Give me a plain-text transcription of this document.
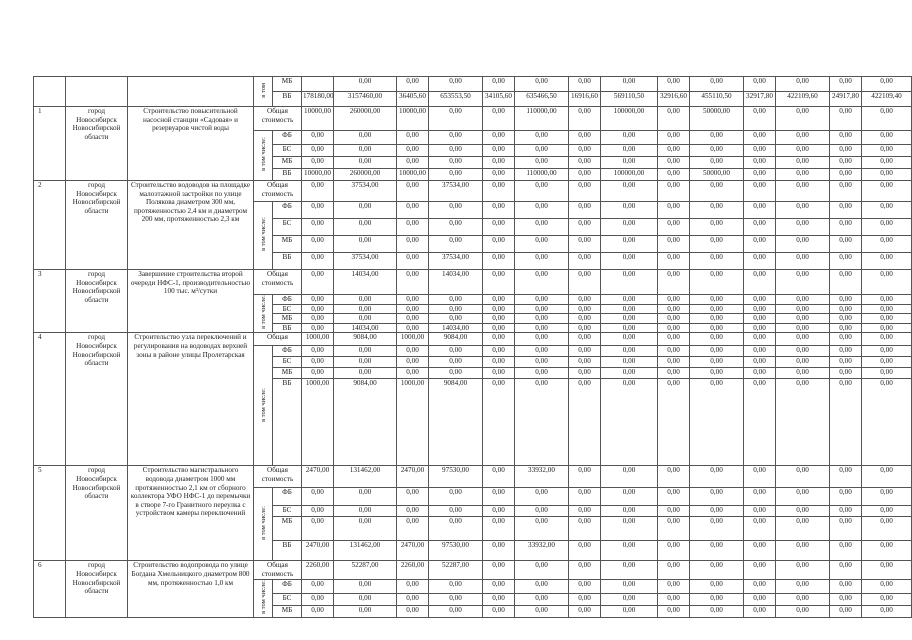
			в том	МБ		0,00	0,00	0,00	0,00	0,00	0,00	0,00	0,00	0,00	0,00	0,00	0,00	0,00
				ВБ	178180,00	3157460,00	36405,60	653553,50	34105,60	635466,50	16916,60	569110,50	32916,60	455110,50	32917,80	422109,60	24917,80	422109,40
1	город Новосибирск Новосибирской области	Строительство повысительной насосной станции «Садовая» и резервуаров чистой воды	Общая стоимость		10000,00	260000,00	10000,00	0,00	0,00	110000,00	0,00	100000,00	0,00	50000,00	0,00	0,00	0,00	0,00
			в том числе:	ФБ	0,00	0,00	0,00	0,00	0,00	0,00	0,00	0,00	0,00	0,00	0,00	0,00	0,00	0,00
				БС	0,00	0,00	0,00	0,00	0,00	0,00	0,00	0,00	0,00	0,00	0,00	0,00	0,00	0,00
				МБ	0,00	0,00	0,00	0,00	0,00	0,00	0,00	0,00	0,00	0,00	0,00	0,00	0,00	0,00
				ВБ	10000,00	260000,00	10000,00	0,00	0,00	110000,00	0,00	100000,00	0,00	50000,00	0,00	0,00	0,00	0,00
2	город Новосибирск Новосибирской области	Строительство водоводов на площадке малоэтажной застройки по улице Полякова диаметром 300 мм, протяженностью 2,4 км и диаметром 200 мм, протяженностью 2,3 км	Общая стоимость		0,00	37534,00	0,00	37534,00	0,00	0,00	0,00	0,00	0,00	0,00	0,00	0,00	0,00	0,00
			в том числе:	ФБ	0,00	0,00	0,00	0,00	0,00	0,00	0,00	0,00	0,00	0,00	0,00	0,00	0,00	0,00
				БС	0,00	0,00	0,00	0,00	0,00	0,00	0,00	0,00	0,00	0,00	0,00	0,00	0,00	0,00
				МБ	0,00	0,00	0,00	0,00	0,00	0,00	0,00	0,00	0,00	0,00	0,00	0,00	0,00	0,00
				ВБ	0,00	37534,00	0,00	37534,00	0,00	0,00	0,00	0,00	0,00	0,00	0,00	0,00	0,00	0,00
3	город Новосибирск Новосибирской области	Завершение строительства второй очереди НФС-1, производительностью 100 тыс. м³/сутки	Общая стоимость		0,00	14034,00	0,00	14034,00	0,00	0,00	0,00	0,00	0,00	0,00	0,00	0,00	0,00	0,00
			в том числе:	ФБ	0,00	0,00	0,00	0,00	0,00	0,00	0,00	0,00	0,00	0,00	0,00	0,00	0,00	0,00
				БС	0,00	0,00	0,00	0,00	0,00	0,00	0,00	0,00	0,00	0,00	0,00	0,00	0,00	0,00
				МБ	0,00	0,00	0,00	0,00	0,00	0,00	0,00	0,00	0,00	0,00	0,00	0,00	0,00	0,00
				ВБ	0,00	14034,00	0,00	14034,00	0,00	0,00	0,00	0,00	0,00	0,00	0,00	0,00	0,00	0,00
4	город Новосибирск Новосибирской области	Строительство узла переключений и регулирования на водоводах верхней зоны в районе улицы Пролетарская	Общая		1000,00	9084,00	1000,00	9084,00	0,00	0,00	0,00	0,00	0,00	0,00	0,00	0,00	0,00	0,00
			в том числе:	ФБ	0,00	0,00	0,00	0,00	0,00	0,00	0,00	0,00	0,00	0,00	0,00	0,00	0,00	0,00
				БС	0,00	0,00	0,00	0,00	0,00	0,00	0,00	0,00	0,00	0,00	0,00	0,00	0,00	0,00
				МБ	0,00	0,00	0,00	0,00	0,00	0,00	0,00	0,00	0,00	0,00	0,00	0,00	0,00	0,00
				ВБ	1000,00	9084,00	1000,00	9084,00	0,00	0,00	0,00	0,00	0,00	0,00	0,00	0,00	0,00	0,00
5	город Новосибирск Новосибирской области	Строительство магистрального водовода диаметром 1000 мм протяженностью 2,1 км от сборного коллектора УФО НФС-1 до перемычки в створе 7-го Гранитного переулка с устройством камеры переключений	Общая стоимость		2470,00	131462,00	2470,00	97530,00	0,00	33932,00	0,00	0,00	0,00	0,00	0,00	0,00	0,00	0,00
			в том числе:	ФБ	0,00	0,00	0,00	0,00	0,00	0,00	0,00	0,00	0,00	0,00	0,00	0,00	0,00	0,00
				БС	0,00	0,00	0,00	0,00	0,00	0,00	0,00	0,00	0,00	0,00	0,00	0,00	0,00	0,00
				МБ	0,00	0,00	0,00	0,00	0,00	0,00	0,00	0,00	0,00	0,00	0,00	0,00	0,00	0,00
				ВБ	2470,00	131462,00	2470,00	97530,00	0,00	33932,00	0,00	0,00	0,00	0,00	0,00	0,00	0,00	0,00
6	город Новосибирск Новосибирской области	Строительство водопровода по улице Богдана Хмельницкого диаметром 800 мм, протяженностью 1,0 км	Общая стоимость		2260,00	52287,00	2260,00	52287,00	0,00	0,00	0,00	0,00	0,00	0,00	0,00	0,00	0,00	0,00
			в том числе:	ФБ	0,00	0,00	0,00	0,00	0,00	0,00	0,00	0,00	0,00	0,00	0,00	0,00	0,00	0,00
				БС	0,00	0,00	0,00	0,00	0,00	0,00	0,00	0,00	0,00	0,00	0,00	0,00	0,00	0,00
				МБ	0,00	0,00	0,00	0,00	0,00	0,00	0,00	0,00	0,00	0,00	0,00	0,00	0,00	0,00
